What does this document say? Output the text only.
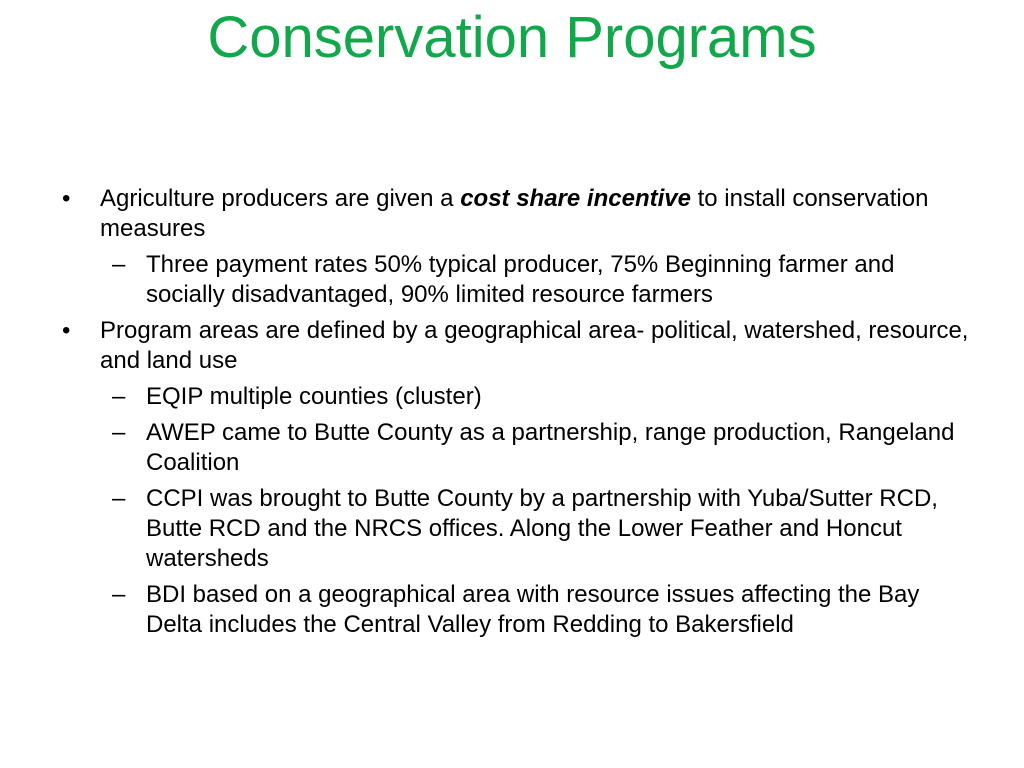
Conservation Programs
• Agriculture producers are given a cost share incentive to install conservation measures
– Three payment rates 50% typical producer, 75% Beginning farmer and socially disadvantaged, 90% limited resource farmers
• Program areas are defined by a geographical area- political, watershed, resource, and land use
– EQIP multiple counties (cluster)
– AWEP came to Butte County as a partnership, range production, Rangeland Coalition
– CCPI was brought to Butte County by a partnership with Yuba/Sutter RCD, Butte RCD and the NRCS offices. Along the Lower Feather and Honcut watersheds
– BDI based on a geographical area with resource issues affecting the Bay Delta includes the Central Valley from Redding to Bakersfield
